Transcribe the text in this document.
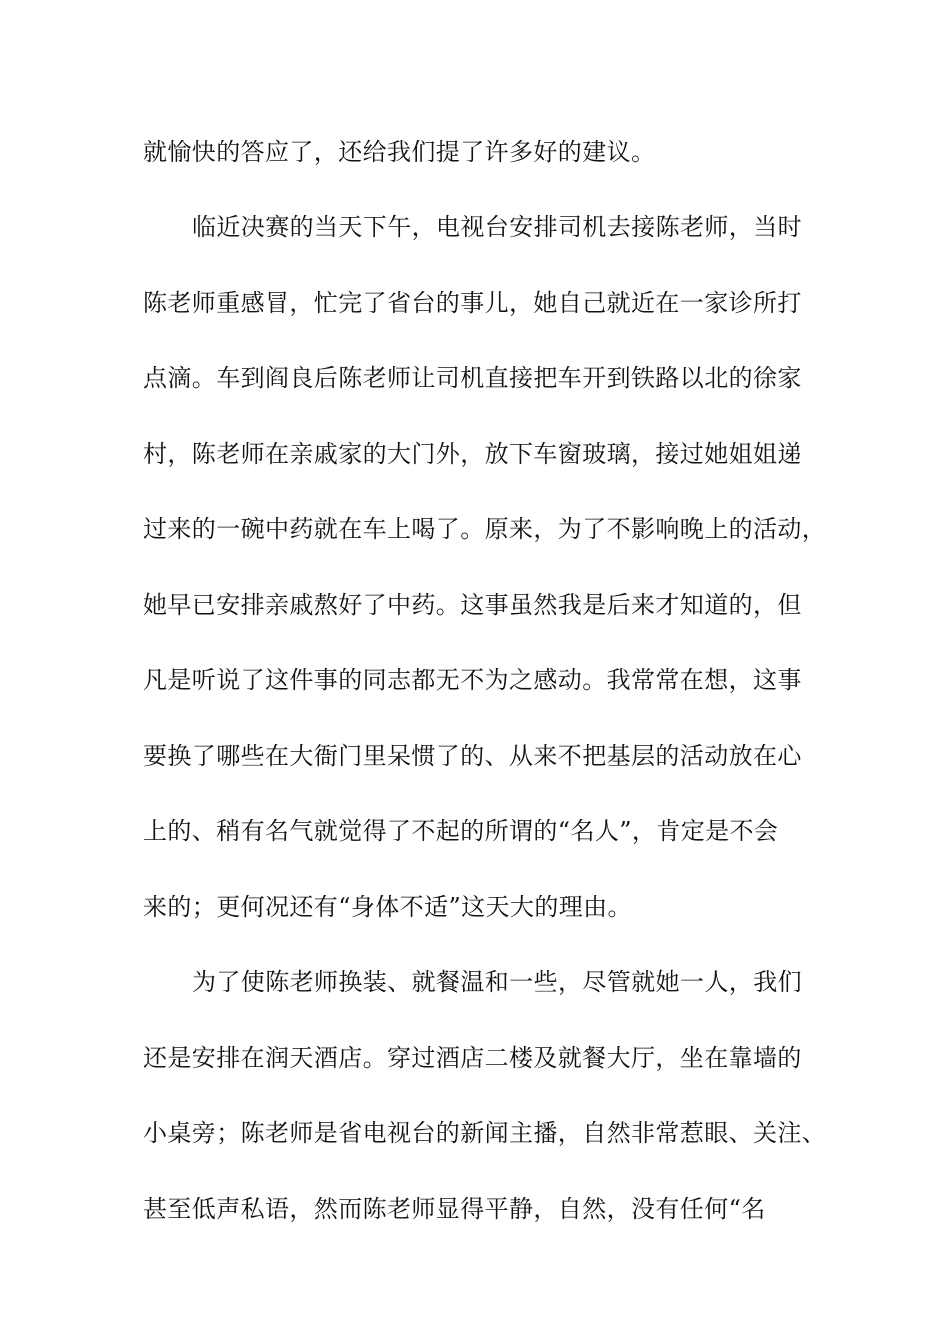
就愉快的答应了，还给我们提了许多好的建议。
临近决赛的当天下午，电视台安排司机去接陈老师，当时
陈老师重感冒，忙完了省台的事儿，她自己就近在一家诊所打
点滴。车到阎良后陈老师让司机直接把车开到铁路以北的徐家
村，陈老师在亲戚家的大门外，放下车窗玻璃，接过她姐姐递
过来的一碗中药就在车上喝了。原来，为了不影响晚上的活动，
她早已安排亲戚熬好了中药。这事虽然我是后来才知道的，但
凡是听说了这件事的同志都无不为之感动。我常常在想，这事
要换了哪些在大衙门里呆惯了的、从来不把基层的活动放在心
上的、稍有名气就觉得了不起的所谓的“名人”，肯定是不会
来的；更何况还有“身体不适”这天大的理由。
为了使陈老师换装、就餐温和一些，尽管就她一人，我们
还是安排在润天酒店。穿过酒店二楼及就餐大厅，坐在靠墙的
小桌旁；陈老师是省电视台的新闻主播，自然非常惹眼、关注、
甚至低声私语，然而陈老师显得平静，自然，没有任何“名
